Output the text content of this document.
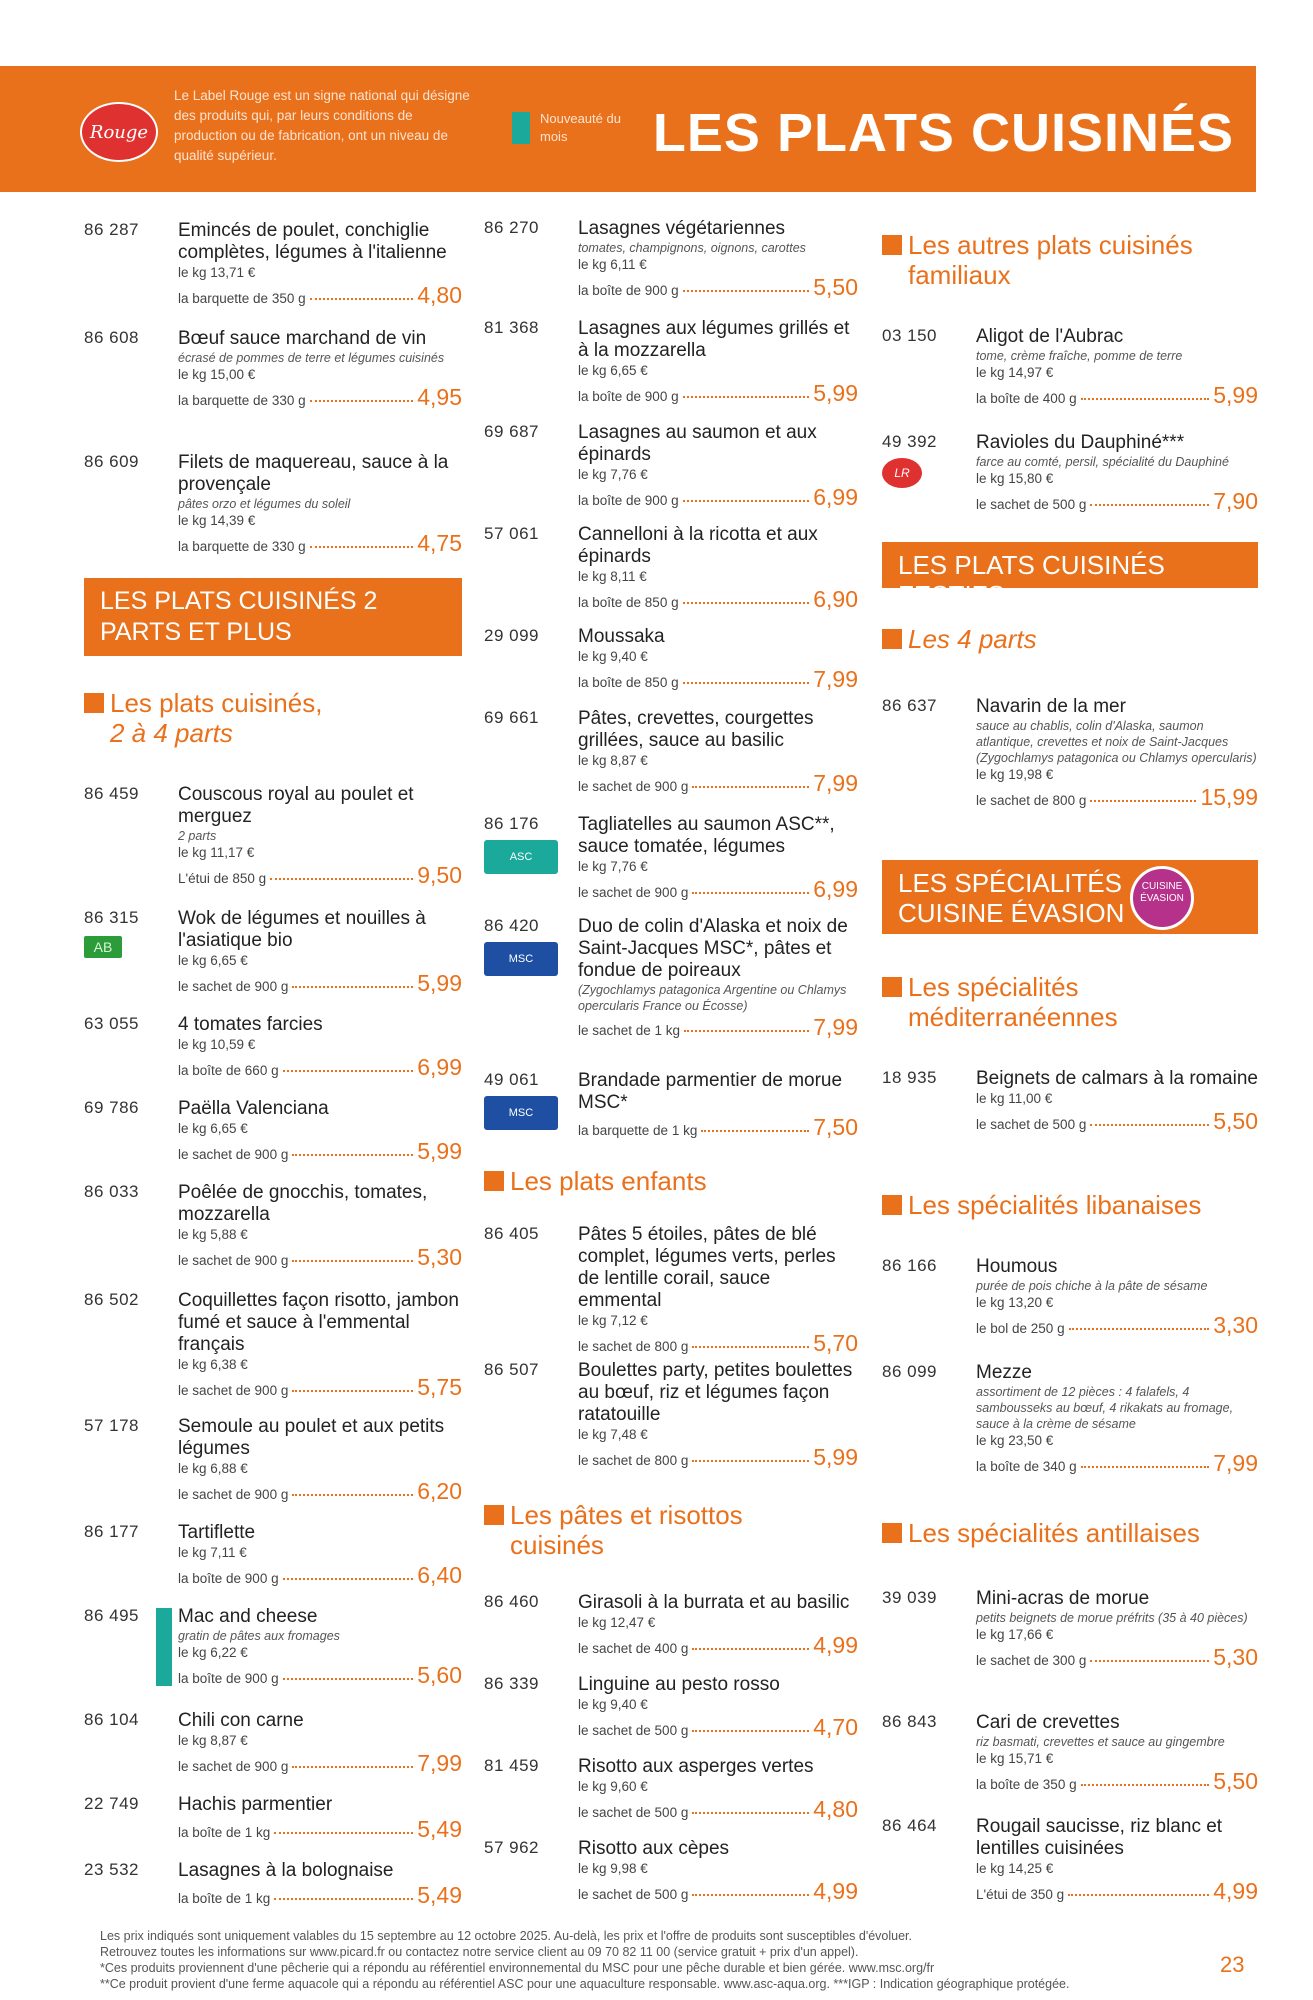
Le Label Rouge est un signe national qui désigne des produits qui, par leurs conditions de production ou de fabrication, ont un niveau de qualité supérieur.
Nouveauté du mois	LES PLATS CUISINÉS
Rouge
86 287	Emincés de poulet, conchiglie complètes, légumes à l'italienne
le kg 13,71 €
la barquette de 350 g	4,80
86 608	Bœuf sauce marchand de vin
écrasé de pommes de terre et légumes cuisinés
le kg 15,00 €
la barquette de 330 g	4,95
86 609	Filets de maquereau, sauce à la provençale
pâtes orzo et légumes du soleil
le kg 14,39 €
la barquette de 330 g	4,75
LES PLATS CUISINÉS 2 PARTS ET PLUS
Les plats cuisinés,
2 à 4 parts
86 459	Couscous royal au poulet et merguez
2 parts
le kg 11,17 €
L'étui de 850 g	9,50
86 315
AB
Wok de légumes et nouilles à l'asiatique bio
le kg 6,65 €
le sachet de 900 g	5,99
63 055	4 tomates farcies
le kg 10,59 €
la boîte de 660 g	6,99
69 786	Paëlla Valenciana
le kg 6,65 €
le sachet de 900 g	5,99
86 033	Poêlée de gnocchis, tomates, mozzarella
le kg 5,88 €
le sachet de 900 g	5,30
86 502	Coquillettes façon risotto, jambon fumé et sauce à l'emmental français
le kg 6,38 €
le sachet de 900 g	5,75
57 178	Semoule au poulet et aux petits légumes
le kg 6,88 €
le sachet de 900 g	6,20
86 177	Tartiflette
le kg 7,11 €
la boîte de 900 g	6,40
86 495	Mac and cheese
gratin de pâtes aux fromages
le kg 6,22 €
la boîte de 900 g	5,60
86 104	Chili con carne
le kg 8,87 €
le sachet de 900 g	7,99
22 749	Hachis parmentier
la boîte de 1 kg	5,49
23 532	Lasagnes à la bolognaise
la boîte de 1 kg	5,49
86 270	Lasagnes végétariennes
tomates, champignons, oignons, carottes
le kg 6,11 €
la boîte de 900 g	5,50
81 368	Lasagnes aux légumes grillés et à la mozzarella
le kg 6,65 €
la boîte de 900 g	5,99
69 687	Lasagnes au saumon et aux épinards
le kg 7,76 €
la boîte de 900 g	6,99
57 061	Cannelloni à la ricotta et aux épinards
le kg 8,11 €
la boîte de 850 g	6,90
29 099	Moussaka
le kg 9,40 €
la boîte de 850 g	7,99
69 661	Pâtes, crevettes, courgettes grillées, sauce au basilic
le kg 8,87 €
le sachet de 900 g	7,99
86 176
ASC
Tagliatelles au saumon ASC**, sauce tomatée, légumes
le kg 7,76 €
le sachet de 900 g	6,99
86 420
MSC
Duo de colin d'Alaska et noix de Saint-Jacques MSC*, pâtes et fondue de poireaux
(Zygochlamys patagonica Argentine ou Chlamys opercularis France ou Écosse)
le sachet de 1 kg	7,99
49 061
MSC
Brandade parmentier de morue MSC*
la barquette de 1 kg	7,50
Les plats enfants
86 405	Pâtes 5 étoiles, pâtes de blé complet, légumes verts, perles de lentille corail, sauce emmental
le kg 7,12 €
le sachet de 800 g	5,70
86 507	Boulettes party, petites boulettes au bœuf, riz et légumes façon ratatouille
le kg 7,48 €
le sachet de 800 g	5,99
Les pâtes et risottos
cuisinés
86 460	Girasoli à la burrata et au basilic
le kg 12,47 €
le sachet de 400 g	4,99
86 339	Linguine au pesto rosso
le kg 9,40 €
le sachet de 500 g	4,70
81 459	Risotto aux asperges vertes
le kg 9,60 €
le sachet de 500 g	4,80
57 962	Risotto aux cèpes
le kg 9,98 €
le sachet de 500 g	4,99
Les autres plats cuisinés
familiaux
03 150	Aligot de l'Aubrac
tome, crème fraîche, pomme de terre
le kg 14,97 €
la boîte de 400 g	5,99
49 392
LR
Ravioles du Dauphiné***
farce au comté, persil, spécialité du Dauphiné
le kg 15,80 €
le sachet de 500 g	7,90
LES PLATS CUISINÉS FESTIFS
Les 4 parts
86 637	Navarin de la mer
sauce au chablis, colin d'Alaska, saumon atlantique, crevettes et noix de Saint-Jacques (Zygochlamys patagonica ou Chlamys opercularis)
le kg 19,98 €
le sachet de 800 g	15,99
LES SPÉCIALITÉS CUISINE ÉVASION
CUISINE ÉVASION
Les spécialités
méditerranéennes
18 935	Beignets de calmars à la romaine
le kg 11,00 €
le sachet de 500 g	5,50
Les spécialités libanaises
86 166	Houmous
purée de pois chiche à la pâte de sésame
le kg 13,20 €
le bol de 250 g	3,30
86 099	Mezze
assortiment de 12 pièces : 4 falafels, 4 sambousseks au bœuf, 4 rikakats au fromage, sauce à la crème de sésame
le kg 23,50 €
la boîte de 340 g	7,99
Les spécialités antillaises
39 039	Mini-acras de morue
petits beignets de morue préfrits (35 à 40 pièces)
le kg 17,66 €
le sachet de 300 g	5,30
86 843	Cari de crevettes
riz basmati, crevettes et sauce au gingembre
le kg 15,71 €
la boîte de 350 g	5,50
86 464	Rougail saucisse, riz blanc et lentilles cuisinées
le kg 14,25 €
L'étui de 350 g	4,99
*Ces produits proviennent d'une pêcherie qui a répondu au référentiel environnemental du MSC pour une pêche durable et bien gérée. www.msc.org/fr
**Ce produit provient d'une ferme aquacole qui a répondu au référentiel ASC pour une aquaculture responsable. www.asc-aqua.org. ***IGP : Indication géographique protégée.
23
Les prix indiqués sont uniquement valables du 15 septembre au 12 octobre 2025. Au-delà, les prix et l'offre de produits sont susceptibles d'évoluer.
Retrouvez toutes les informations sur www.picard.fr ou contactez notre service client au 09 70 82 11 00 (service gratuit + prix d'un appel).
